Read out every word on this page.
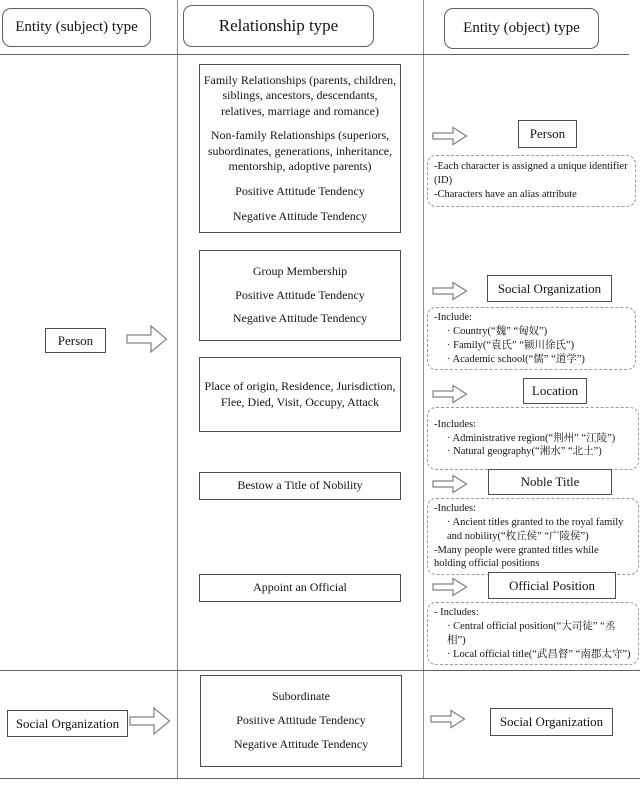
Entity (subject) type	Relationship type	Entity (object) type
Person
Social Organization

Family Relationships (parents, children, siblings, ancestors, descendants, relatives, marriage and romance)

Non-family Relationships (superiors, subordinates, generations, inheritance, mentorship, adoptive parents)

Positive Attitude Tendency

Negative Attitude Tendency

Group Membership

Positive Attitude Tendency

Negative Attitude Tendency

Place of origin, Residence, Jurisdiction, Flee, Died, Visit, Occupy, Attack

Bestow a Title of Nobility

Appoint an Official

Subordinate

Positive Attitude Tendency

Negative Attitude Tendency

Person
-Each character is assigned a unique identifier (ID)
-Characters have an alias attribute
Social Organization
-Include:
· Country(“魏” “匈奴”)
· Family(“袁氏” “颍川徐氏”)
· Academic school(“儒” “道学”)
Location
-Includes:
· Administrative region(“荆州” “江陵”)
· Natural geography(“湘水” “北土”)
Noble Title
-Includes:
· Ancient titles granted to the royal family and nobility(“枚丘侯” “广陵侯”)
-Many people were granted titles while holding official positions
Official Position
- Includes:
· Central official position(“大司徒” “丞相”)
· Local official title(“武昌督” “南郡太守”)
Social Organization
